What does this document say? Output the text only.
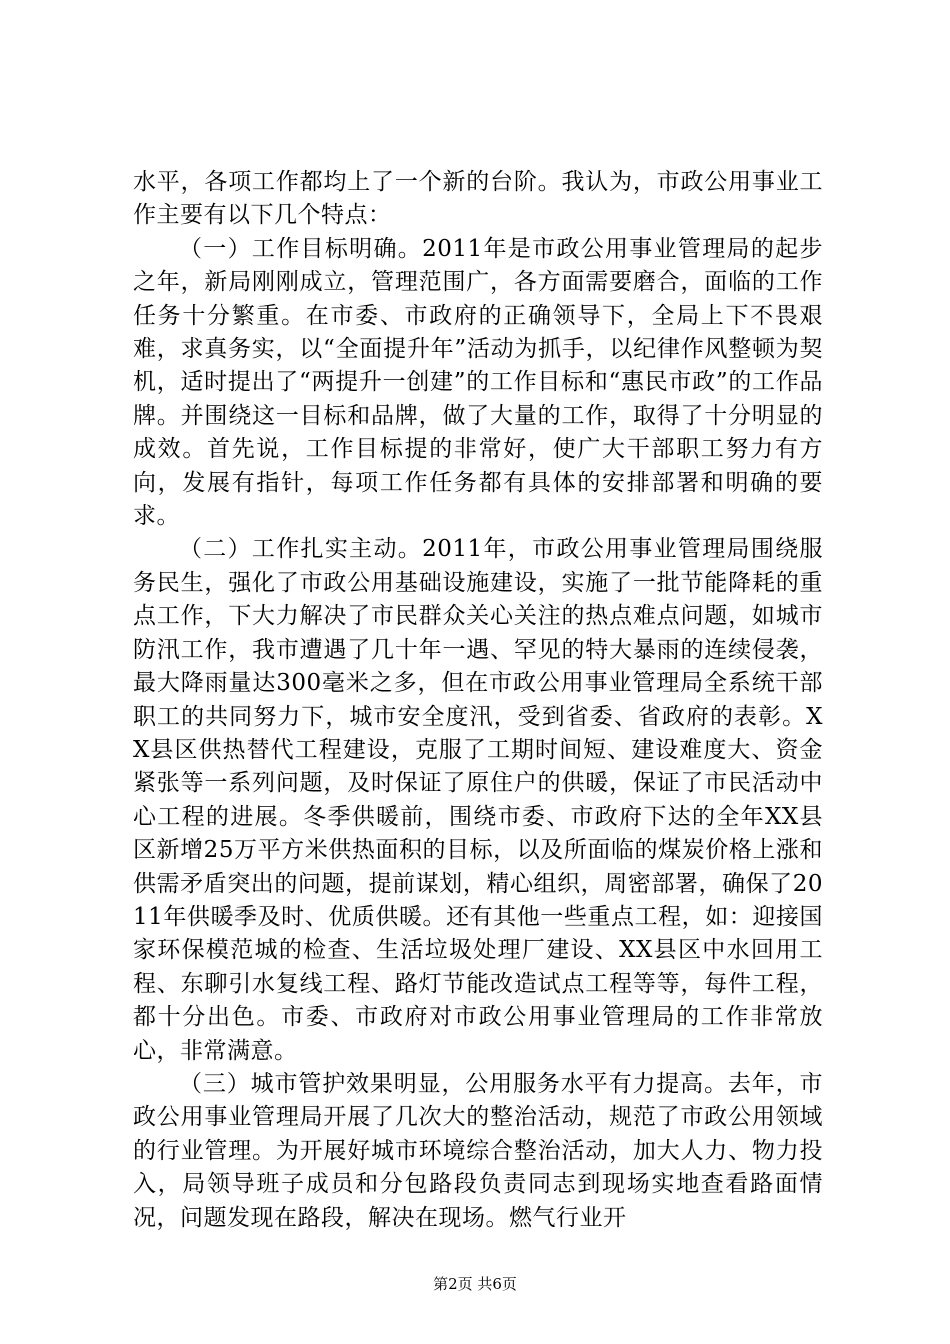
水平，各项工作都均上了一个新的台阶。我认为，市政公用事业工作主要有以下几个特点：

（一）工作目标明确。2011年是市政公用事业管理局的起步之年，新局刚刚成立，管理范围广，各方面需要磨合，面临的工作任务十分繁重。在市委、市政府的正确领导下，全局上下不畏艰难，求真务实，以“全面提升年”活动为抓手，以纪律作风整顿为契机，适时提出了“两提升一创建”的工作目标和“惠民市政”的工作品牌。并围绕这一目标和品牌，做了大量的工作，取得了十分明显的成效。首先说，工作目标提的非常好，使广大干部职工努力有方向，发展有指针，每项工作任务都有具体的安排部署和明确的要求。

（二）工作扎实主动。2011年，市政公用事业管理局围绕服务民生，强化了市政公用基础设施建设，实施了一批节能降耗的重点工作，下大力解决了市民群众关心关注的热点难点问题，如城市防汛工作，我市遭遇了几十年一遇、罕见的特大暴雨的连续侵袭，最大降雨量达300毫米之多，但在市政公用事业管理局全系统干部职工的共同努力下，城市安全度汛，受到省委、省政府的表彰。XX县区供热替代工程建设，克服了工期时间短、建设难度大、资金紧张等一系列问题，及时保证了原住户的供暖，保证了市民活动中心工程的进展。冬季供暖前，围绕市委、市政府下达的全年XX县区新增25万平方米供热面积的目标，以及所面临的煤炭价格上涨和供需矛盾突出的问题，提前谋划，精心组织，周密部署，确保了2011年供暖季及时、优质供暖。还有其他一些重点工程，如：迎接国家环保模范城的检查、生活垃圾处理厂建设、XX县区中水回用工程、东聊引水复线工程、路灯节能改造试点工程等等，每件工程，都十分出色。市委、市政府对市政公用事业管理局的工作非常放心，非常满意。

（三）城市管护效果明显，公用服务水平有力提高。去年，市政公用事业管理局开展了几次大的整治活动，规范了市政公用领域的行业管理。为开展好城市环境综合整治活动，加大人力、物力投入，局领导班子成员和分包路段负责同志到现场实地查看路面情况，问题发现在路段，解决在现场。燃气行业开

第2页 共6页
